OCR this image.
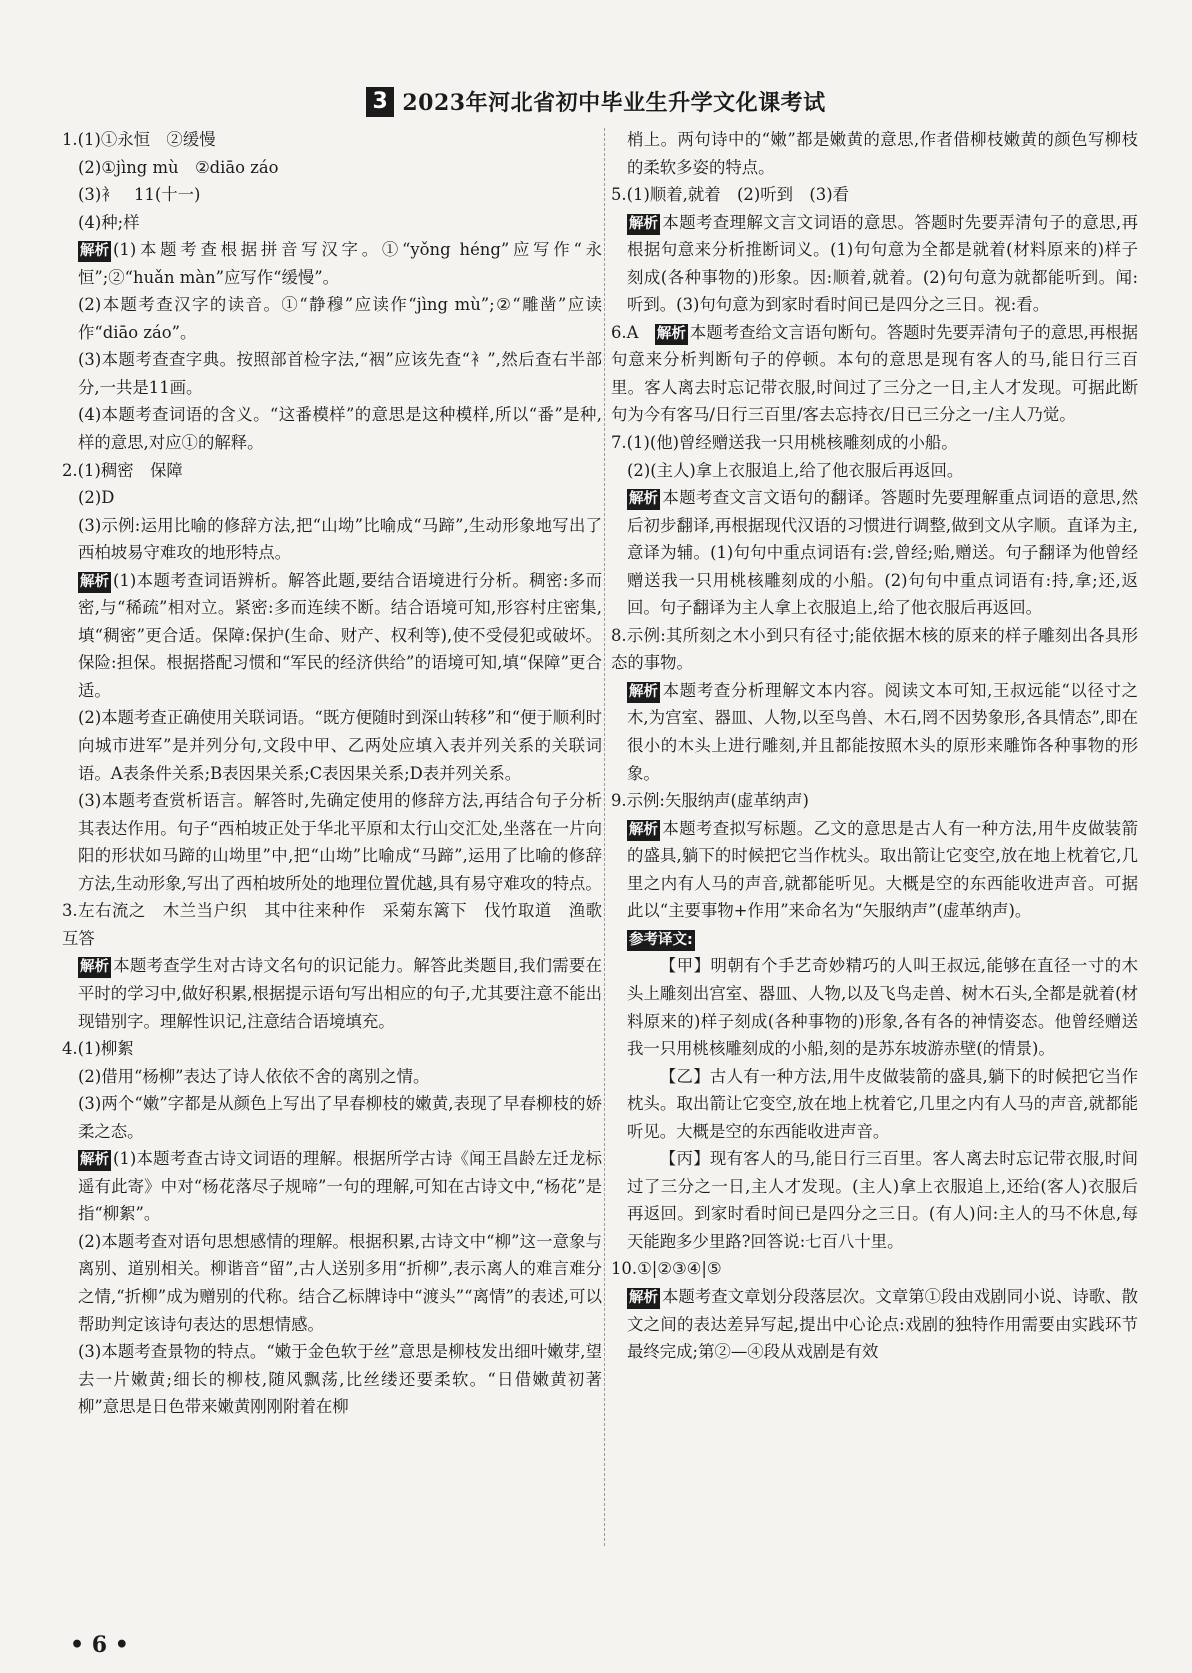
3 2023年河北省初中毕业生升学文化课考试

1.(1)①永恒　②缓慢

(2)①jìng mù　②diāo záo

(3)衤　11(十一)

(4)种;样

解析 (1)本题考查根据拼音写汉字。①“yǒng héng”应写作“永恒”;②“huǎn màn”应写作“缓慢”。

(2)本题考查汉字的读音。①“静穆”应读作“jìng mù”;②“雕凿”应读作“diāo záo”。

(3)本题考查查字典。按照部首检字法,“裀”应该先查“衤”,然后查右半部分,一共是11画。

(4)本题考查词语的含义。“这番模样”的意思是这种模样,所以“番”是种,样的意思,对应①的解释。

2.(1)稠密　保障

(2)D

(3)示例:运用比喻的修辞方法,把“山坳”比喻成“马蹄”,生动形象地写出了西柏坡易守难攻的地形特点。

解析 (1)本题考查词语辨析。解答此题,要结合语境进行分析。稠密:多而密,与“稀疏”相对立。紧密:多而连续不断。结合语境可知,形容村庄密集,填“稠密”更合适。保障:保护(生命、财产、权利等),使不受侵犯或破坏。保险:担保。根据搭配习惯和“军民的经济供给”的语境可知,填“保障”更合适。

(2)本题考查正确使用关联词语。“既方便随时到深山转移”和“便于顺利时向城市进军”是并列分句,文段中甲、乙两处应填入表并列关系的关联词语。A表条件关系;B表因果关系;C表因果关系;D表并列关系。

(3)本题考查赏析语言。解答时,先确定使用的修辞方法,再结合句子分析其表达作用。句子“西柏坡正处于华北平原和太行山交汇处,坐落在一片向阳的形状如马蹄的山坳里”中,把“山坳”比喻成“马蹄”,运用了比喻的修辞方法,生动形象,写出了西柏坡所处的地理位置优越,具有易守难攻的特点。

3.左右流之　木兰当户织　其中往来种作　采菊东篱下　伐竹取道　渔歌互答

解析 本题考查学生对古诗文名句的识记能力。解答此类题目,我们需要在平时的学习中,做好积累,根据提示语句写出相应的句子,尤其要注意不能出现错别字。理解性识记,注意结合语境填充。

4.(1)柳絮

(2)借用“杨柳”表达了诗人依依不舍的离别之情。

(3)两个“嫩”字都是从颜色上写出了早春柳枝的嫩黄,表现了早春柳枝的娇柔之态。

解析 (1)本题考查古诗文词语的理解。根据所学古诗《闻王昌龄左迁龙标遥有此寄》中对“杨花落尽子规啼”一句的理解,可知在古诗文中,“杨花”是指“柳絮”。

(2)本题考查对语句思想感情的理解。根据积累,古诗文中“柳”这一意象与离别、道别相关。柳谐音“留”,古人送别多用“折柳”,表示离人的难言难分之情,“折柳”成为赠别的代称。结合乙标牌诗中“渡头”“离情”的表述,可以帮助判定该诗句表达的思想情感。

(3)本题考查景物的特点。“嫩于金色软于丝”意思是柳枝发出细叶嫩芽,望去一片嫩黄;细长的柳枝,随风飘荡,比丝缕还要柔软。“日借嫩黄初著柳”意思是日色带来嫩黄刚刚附着在柳

梢上。两句诗中的“嫩”都是嫩黄的意思,作者借柳枝嫩黄的颜色写柳枝的柔软多姿的特点。

5.(1)顺着,就着　(2)听到　(3)看

解析 本题考查理解文言文词语的意思。答题时先要弄清句子的意思,再根据句意来分析推断词义。(1)句句意为全都是就着(材料原来的)样子刻成(各种事物的)形象。因:顺着,就着。(2)句句意为就都能听到。闻:听到。(3)句句意为到家时看时间已是四分之三日。视:看。

6.A　 解析 本题考查给文言语句断句。答题时先要弄清句子的意思,再根据句意来分析判断句子的停顿。本句的意思是现有客人的马,能日行三百里。客人离去时忘记带衣服,时间过了三分之一日,主人才发现。可据此断句为今有客马/日行三百里/客去忘持衣/日已三分之一/主人乃觉。

7.(1)(他)曾经赠送我一只用桃核雕刻成的小船。

(2)(主人)拿上衣服追上,给了他衣服后再返回。

解析 本题考查文言文语句的翻译。答题时先要理解重点词语的意思,然后初步翻译,再根据现代汉语的习惯进行调整,做到文从字顺。直译为主,意译为辅。(1)句句中重点词语有:尝,曾经;贻,赠送。句子翻译为他曾经赠送我一只用桃核雕刻成的小船。(2)句句中重点词语有:持,拿;还,返回。句子翻译为主人拿上衣服追上,给了他衣服后再返回。

8.示例:其所刻之木小到只有径寸;能依据木核的原来的样子雕刻出各具形态的事物。

解析 本题考查分析理解文本内容。阅读文本可知,王叔远能“以径寸之木,为宫室、器皿、人物,以至鸟兽、木石,罔不因势象形,各具情态”,即在很小的木头上进行雕刻,并且都能按照木头的原形来雕饰各种事物的形象。

9.示例:矢服纳声(虚革纳声)

解析 本题考查拟写标题。乙文的意思是古人有一种方法,用牛皮做装箭的盛具,躺下的时候把它当作枕头。取出箭让它变空,放在地上枕着它,几里之内有人马的声音,就都能听见。大概是空的东西能收进声音。可据此以“主要事物+作用”来命名为“矢服纳声”(虚革纳声)。

参考译文:

【甲】明朝有个手艺奇妙精巧的人叫王叔远,能够在直径一寸的木头上雕刻出宫室、器皿、人物,以及飞鸟走兽、树木石头,全都是就着(材料原来的)样子刻成(各种事物的)形象,各有各的神情姿态。他曾经赠送我一只用桃核雕刻成的小船,刻的是苏东坡游赤壁(的情景)。

【乙】古人有一种方法,用牛皮做装箭的盛具,躺下的时候把它当作枕头。取出箭让它变空,放在地上枕着它,几里之内有人马的声音,就都能听见。大概是空的东西能收进声音。

【丙】现有客人的马,能日行三百里。客人离去时忘记带衣服,时间过了三分之一日,主人才发现。(主人)拿上衣服追上,还给(客人)衣服后再返回。到家时看时间已是四分之三日。(有人)问:主人的马不休息,每天能跑多少里路?回答说:七百八十里。

10.①|②③④|⑤

解析 本题考查文章划分段落层次。文章第①段由戏剧同小说、诗歌、散文之间的表达差异写起,提出中心论点:戏剧的独特作用需要由实践环节最终完成;第②—④段从戏剧是有效

• 6 •
